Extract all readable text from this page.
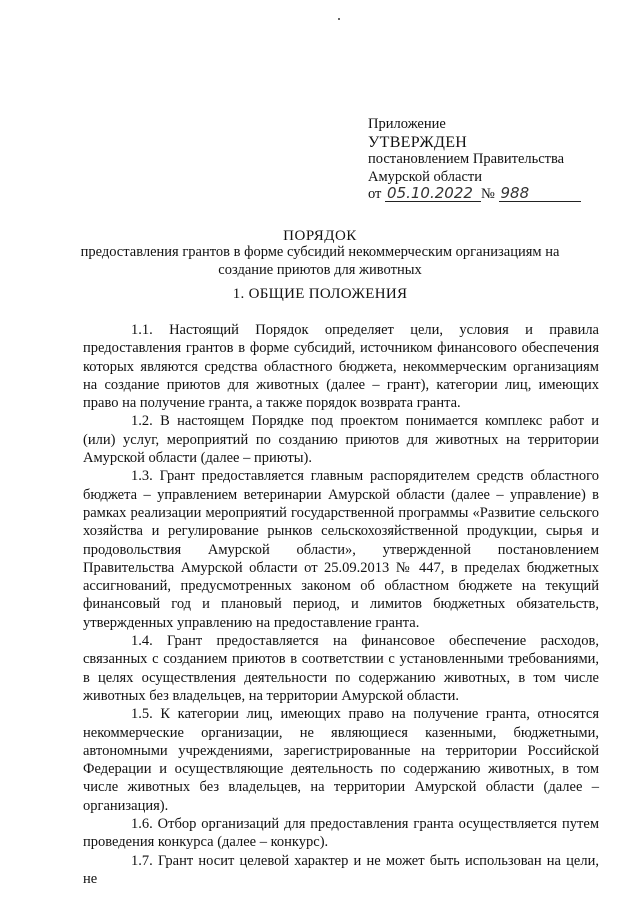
Приложение
УТВЕРЖДЕН
постановлением Правительства
Амурской области
от 05.10.2022 № 988
ПОРЯДОК
предоставления грантов в форме субсидий некоммерческим организациям на
создание приютов для животных
1. ОБЩИЕ ПОЛОЖЕНИЯ

1.1. Настоящий Порядок определяет цели, условия и правила предоставления грантов в форме субсидий, источником финансового обеспечения которых являются средства областного бюджета, некоммерческим организациям на создание приютов для животных (далее – грант), категории лиц, имеющих право на получение гранта, а также порядок возврата гранта.

1.2. В настоящем Порядке под проектом понимается комплекс работ и (или) услуг, мероприятий по созданию приютов для животных на территории Амурской области (далее – приюты).

1.3. Грант предоставляется главным распорядителем средств областного бюджета – управлением ветеринарии Амурской области (далее – управление) в рамках реализации мероприятий государственной программы «Развитие сельского хозяйства и регулирование рынков сельскохозяйственной продукции, сырья и продовольствия Амурской области», утвержденной постановлением Правительства Амурской области от 25.09.2013 № 447, в пределах бюджетных ассигнований, предусмотренных законом об областном бюджете на текущий финансовый год и плановый период, и лимитов бюджетных обязательств, утвержденных управлению на предоставление гранта.

1.4. Грант предоставляется на финансовое обеспечение расходов, связанных с созданием приютов в соответствии с установленными требованиями, в целях осуществления деятельности по содержанию животных, в том числе животных без владельцев, на территории Амурской области.

1.5. К категории лиц, имеющих право на получение гранта, относятся некоммерческие организации, не являющиеся казенными, бюджетными, автономными учреждениями, зарегистрированные на территории Российской Федерации и осуществляющие деятельность по содержанию животных, в том числе животных без владельцев, на территории Амурской области (далее – организация).

1.6. Отбор организаций для предоставления гранта осуществляется путем проведения конкурса (далее – конкурс).

1.7. Грант носит целевой характер и не может быть использован на цели, не
